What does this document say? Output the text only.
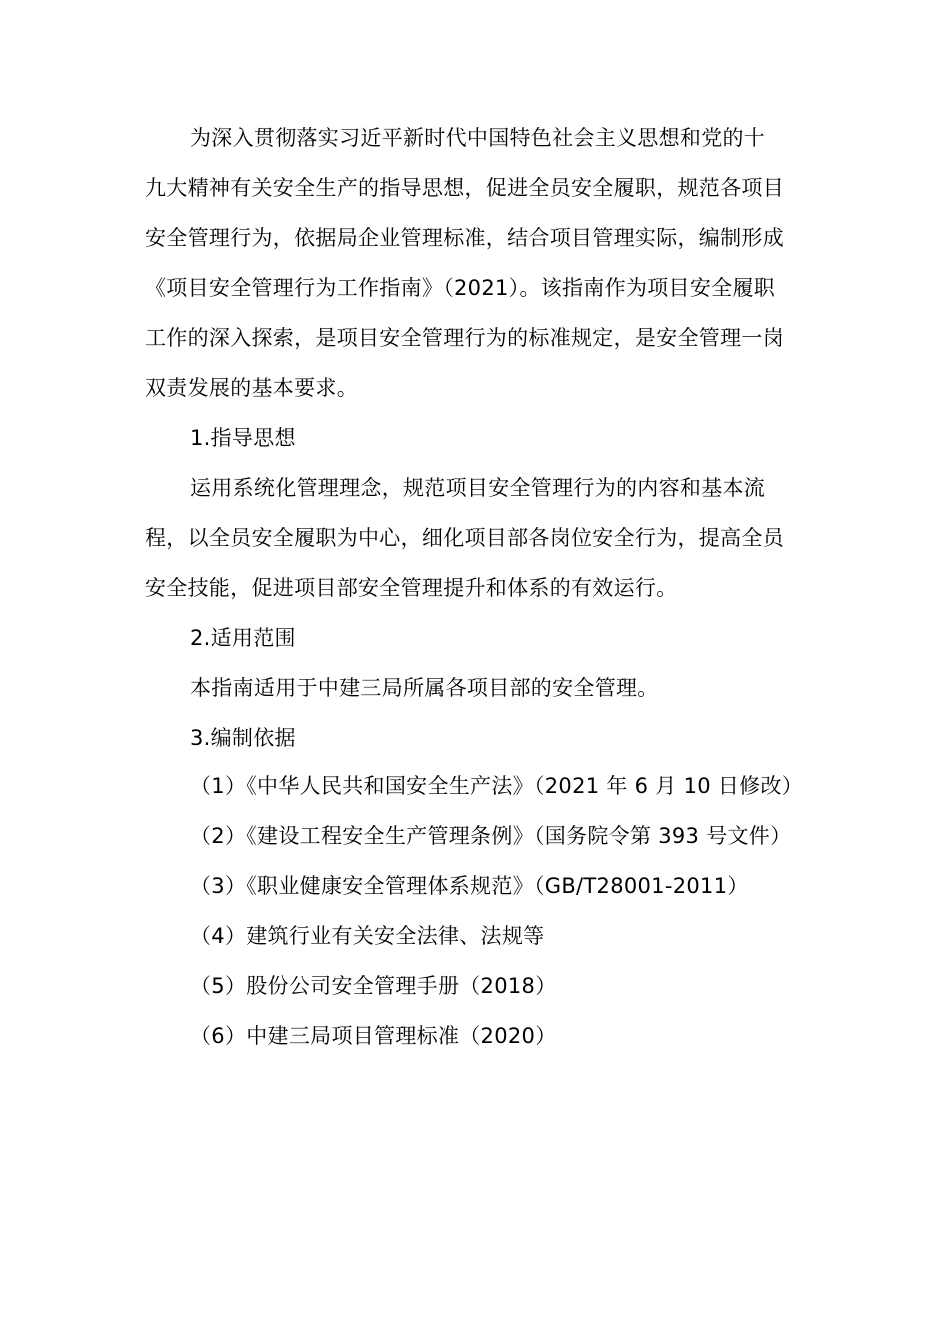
为深入贯彻落实习近平新时代中国特色社会主义思想和党的十
九大精神有关安全生产的指导思想，促进全员安全履职，规范各项目
安全管理行为，依据局企业管理标准，结合项目管理实际，编制形成
《项目安全管理行为工作指南》（2021）。该指南作为项目安全履职
工作的深入探索，是项目安全管理行为的标准规定，是安全管理一岗
双责发展的基本要求。
1.指导思想
运用系统化管理理念，规范项目安全管理行为的内容和基本流
程，以全员安全履职为中心，细化项目部各岗位安全行为，提高全员
安全技能，促进项目部安全管理提升和体系的有效运行。
2.适用范围
本指南适用于中建三局所属各项目部的安全管理。
3.编制依据
（1）《中华人民共和国安全生产法》（2021 年 6 月 10 日修改）
（2）《建设工程安全生产管理条例》（国务院令第 393 号文件）
（3）《职业健康安全管理体系规范》（GB/T28001-2011）
（4）建筑行业有关安全法律、法规等
（5）股份公司安全管理手册（2018）
（6）中建三局项目管理标准（2020）
